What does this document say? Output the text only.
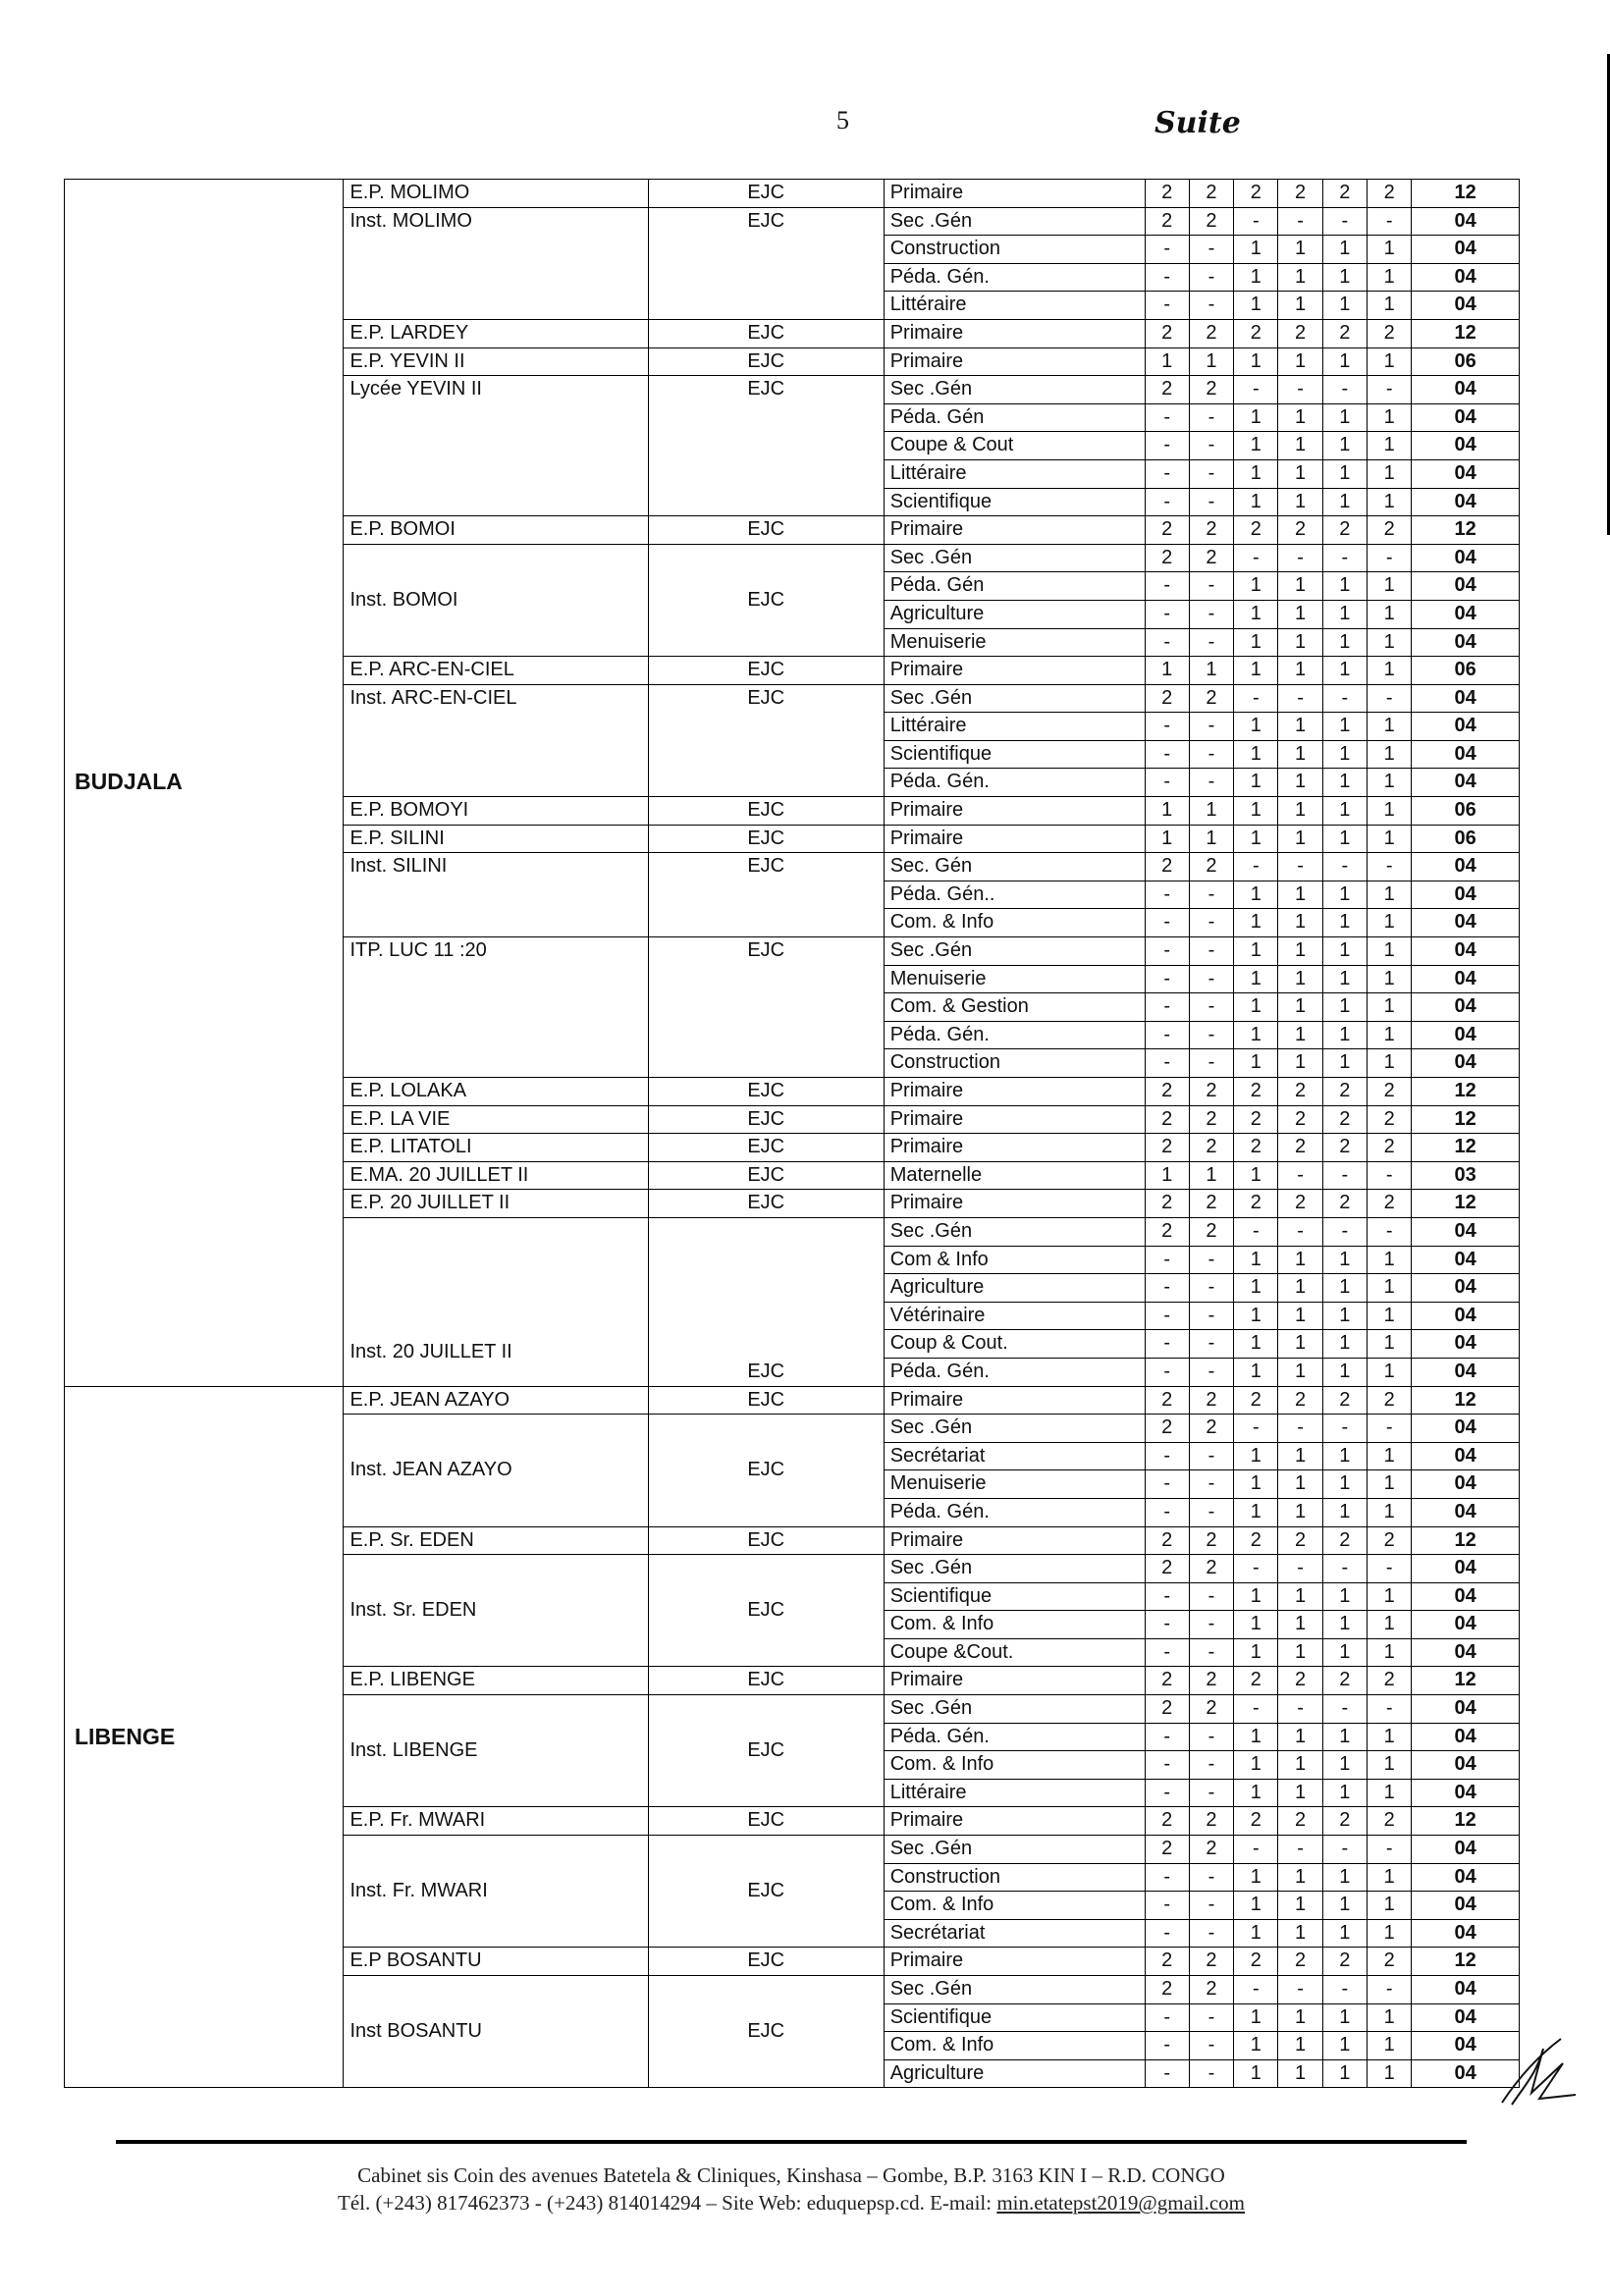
5	Suite
BUDJALA	E.P. MOLIMO	EJC	Primaire	2	2	2	2	2	2	12
	Inst. MOLIMO	EJC	Sec .Gén	2	2	-	-	-	-	04
			Construction	-	-	1	1	1	1	04
			Péda. Gén.	-	-	1	1	1	1	04
			Littéraire	-	-	1	1	1	1	04
	E.P. LARDEY	EJC	Primaire	2	2	2	2	2	2	12
	E.P. YEVIN II	EJC	Primaire	1	1	1	1	1	1	06
	Lycée YEVIN II	EJC	Sec .Gén	2	2	-	-	-	-	04
			Péda. Gén	-	-	1	1	1	1	04
			Coupe & Cout	-	-	1	1	1	1	04
			Littéraire	-	-	1	1	1	1	04
			Scientifique	-	-	1	1	1	1	04
	E.P. BOMOI	EJC	Primaire	2	2	2	2	2	2	12
	Inst. BOMOI	EJC	Sec .Gén	2	2	-	-	-	-	04
			Péda. Gén	-	-	1	1	1	1	04
			Agriculture	-	-	1	1	1	1	04
			Menuiserie	-	-	1	1	1	1	04
	E.P. ARC-EN-CIEL	EJC	Primaire	1	1	1	1	1	1	06
	Inst. ARC-EN-CIEL	EJC	Sec .Gén	2	2	-	-	-	-	04
			Littéraire	-	-	1	1	1	1	04
			Scientifique	-	-	1	1	1	1	04
			Péda. Gén.	-	-	1	1	1	1	04
	E.P. BOMOYI	EJC	Primaire	1	1	1	1	1	1	06
	E.P. SILINI	EJC	Primaire	1	1	1	1	1	1	06
	Inst. SILINI	EJC	Sec. Gén	2	2	-	-	-	-	04
			Péda. Gén..	-	-	1	1	1	1	04
			Com. & Info	-	-	1	1	1	1	04
	ITP. LUC 11 :20	EJC	Sec .Gén	-	-	1	1	1	1	04
			Menuiserie	-	-	1	1	1	1	04
			Com. & Gestion	-	-	1	1	1	1	04
			Péda. Gén.	-	-	1	1	1	1	04
			Construction	-	-	1	1	1	1	04
	E.P. LOLAKA	EJC	Primaire	2	2	2	2	2	2	12
	E.P. LA VIE	EJC	Primaire	2	2	2	2	2	2	12
	E.P. LITATOLI	EJC	Primaire	2	2	2	2	2	2	12
	E.MA. 20 JUILLET II	EJC	Maternelle	1	1	1	-	-	-	03
	E.P. 20 JUILLET II	EJC	Primaire	2	2	2	2	2	2	12
	Inst. 20 JUILLET II	EJC	Sec .Gén	2	2	-	-	-	-	04
			Com & Info	-	-	1	1	1	1	04
			Agriculture	-	-	1	1	1	1	04
			Vétérinaire	-	-	1	1	1	1	04
			Coup & Cout.	-	-	1	1	1	1	04
			Péda. Gén.	-	-	1	1	1	1	04
LIBENGE	E.P. JEAN AZAYO	EJC	Primaire	2	2	2	2	2	2	12
	Inst. JEAN AZAYO	EJC	Sec .Gén	2	2	-	-	-	-	04
			Secrétariat	-	-	1	1	1	1	04
			Menuiserie	-	-	1	1	1	1	04
			Péda. Gén.	-	-	1	1	1	1	04
	E.P. Sr. EDEN	EJC	Primaire	2	2	2	2	2	2	12
	Inst. Sr. EDEN	EJC	Sec .Gén	2	2	-	-	-	-	04
			Scientifique	-	-	1	1	1	1	04
			Com. & Info	-	-	1	1	1	1	04
			Coupe &Cout.	-	-	1	1	1	1	04
	E.P. LIBENGE	EJC	Primaire	2	2	2	2	2	2	12
	Inst. LIBENGE	EJC	Sec .Gén	2	2	-	-	-	-	04
			Péda. Gén.	-	-	1	1	1	1	04
			Com. & Info	-	-	1	1	1	1	04
			Littéraire	-	-	1	1	1	1	04
	E.P. Fr. MWARI	EJC	Primaire	2	2	2	2	2	2	12
	Inst. Fr. MWARI	EJC	Sec .Gén	2	2	-	-	-	-	04
			Construction	-	-	1	1	1	1	04
			Com. & Info	-	-	1	1	1	1	04
			Secrétariat	-	-	1	1	1	1	04
	E.P BOSANTU	EJC	Primaire	2	2	2	2	2	2	12
	Inst BOSANTU	EJC	Sec .Gén	2	2	-	-	-	-	04
			Scientifique	-	-	1	1	1	1	04
			Com. & Info	-	-	1	1	1	1	04
			Agriculture	-	-	1	1	1	1	04
Cabinet sis Coin des avenues Batetela & Cliniques, Kinshasa – Gombe, B.P. 3163 KIN I – R.D. CONGO
Tél. (+243) 817462373 - (+243) 814014294 – Site Web: eduquepsp.cd. E-mail: min.etatepst2019@gmail.com
